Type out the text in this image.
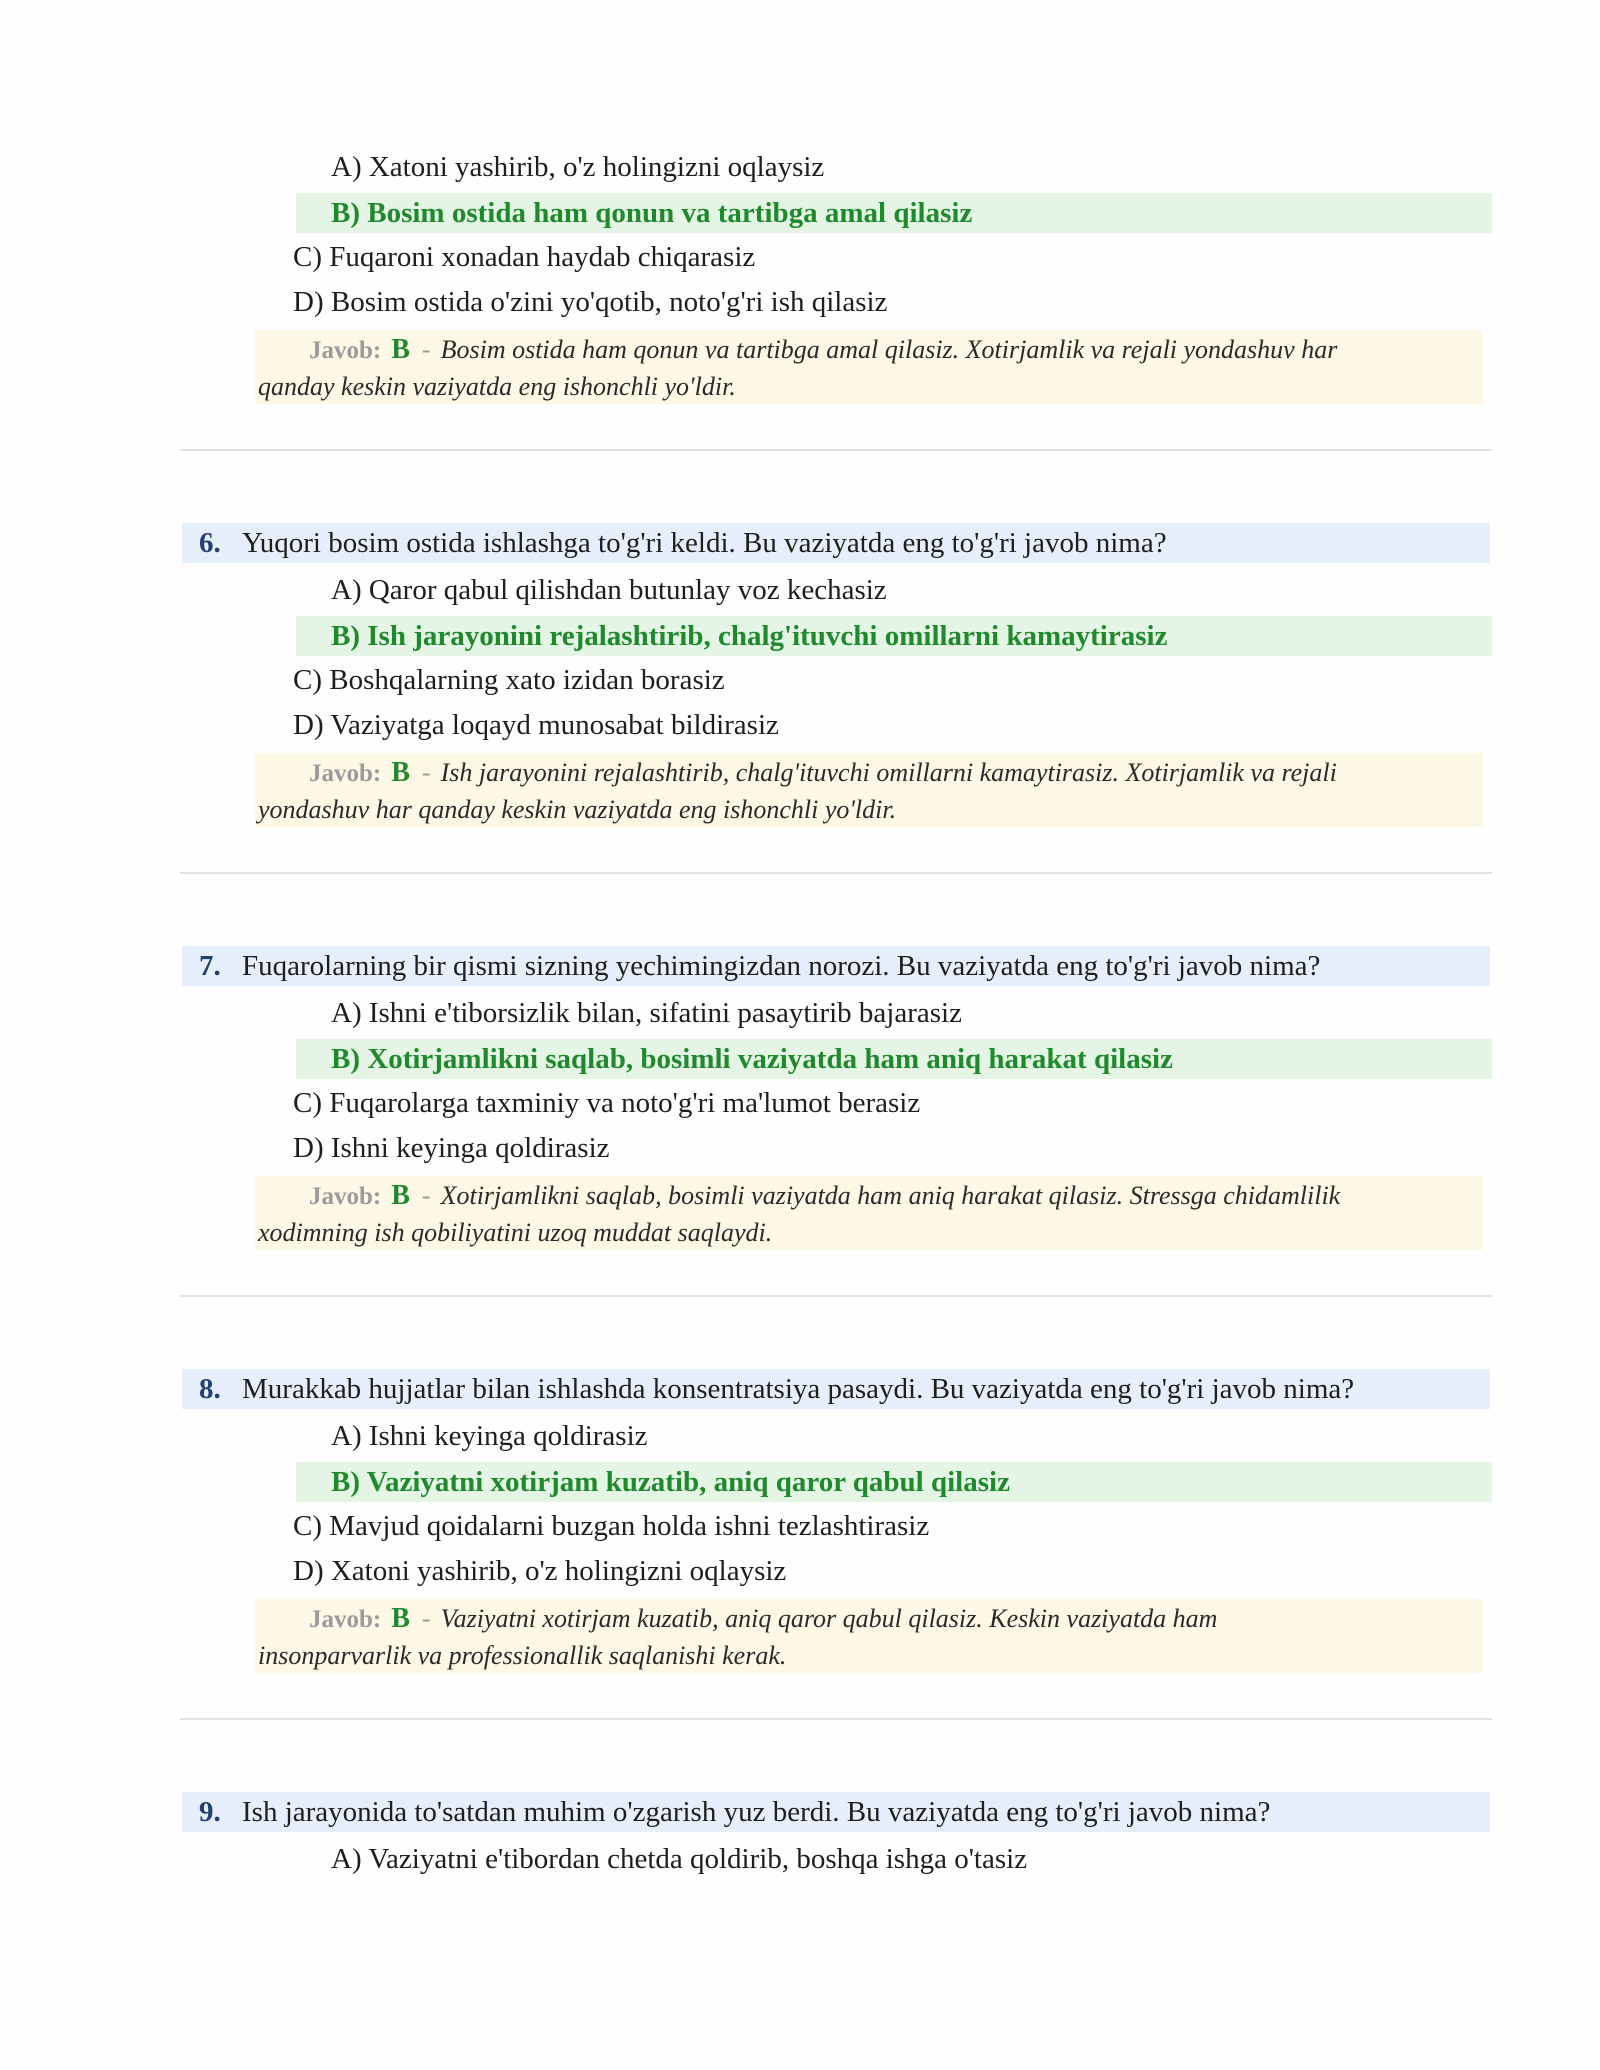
A) Xatoni yashirib, o'z holingizni oqlaysiz
B) Bosim ostida ham qonun va tartibga amal qilasiz
C) Fuqaroni xonadan haydab chiqarasiz
D) Bosim ostida o'zini yo'qotib, noto'g'ri ish qilasiz
Javob: B - Bosim ostida ham qonun va tartibga amal qilasiz. Xotirjamlik va rejali yondashuv har
qanday keskin vaziyatda eng ishonchli yo'ldir.
6. Yuqori bosim ostida ishlashga to'g'ri keldi. Bu vaziyatda eng to'g'ri javob nima?
A) Qaror qabul qilishdan butunlay voz kechasiz
B) Ish jarayonini rejalashtirib, chalg'ituvchi omillarni kamaytirasiz
C) Boshqalarning xato izidan borasiz
D) Vaziyatga loqayd munosabat bildirasiz
Javob: B - Ish jarayonini rejalashtirib, chalg'ituvchi omillarni kamaytirasiz. Xotirjamlik va rejali
yondashuv har qanday keskin vaziyatda eng ishonchli yo'ldir.
7. Fuqarolarning bir qismi sizning yechimingizdan norozi. Bu vaziyatda eng to'g'ri javob nima?
A) Ishni e'tiborsizlik bilan, sifatini pasaytirib bajarasiz
B) Xotirjamlikni saqlab, bosimli vaziyatda ham aniq harakat qilasiz
C) Fuqarolarga taxminiy va noto'g'ri ma'lumot berasiz
D) Ishni keyinga qoldirasiz
Javob: B - Xotirjamlikni saqlab, bosimli vaziyatda ham aniq harakat qilasiz. Stressga chidamlilik
xodimning ish qobiliyatini uzoq muddat saqlaydi.
8. Murakkab hujjatlar bilan ishlashda konsentratsiya pasaydi. Bu vaziyatda eng to'g'ri javob nima?
A) Ishni keyinga qoldirasiz
B) Vaziyatni xotirjam kuzatib, aniq qaror qabul qilasiz
C) Mavjud qoidalarni buzgan holda ishni tezlashtirasiz
D) Xatoni yashirib, o'z holingizni oqlaysiz
Javob: B - Vaziyatni xotirjam kuzatib, aniq qaror qabul qilasiz. Keskin vaziyatda ham
insonparvarlik va professionallik saqlanishi kerak.
9. Ish jarayonida to'satdan muhim o'zgarish yuz berdi. Bu vaziyatda eng to'g'ri javob nima?
A) Vaziyatni e'tibordan chetda qoldirib, boshqa ishga o'tasiz
